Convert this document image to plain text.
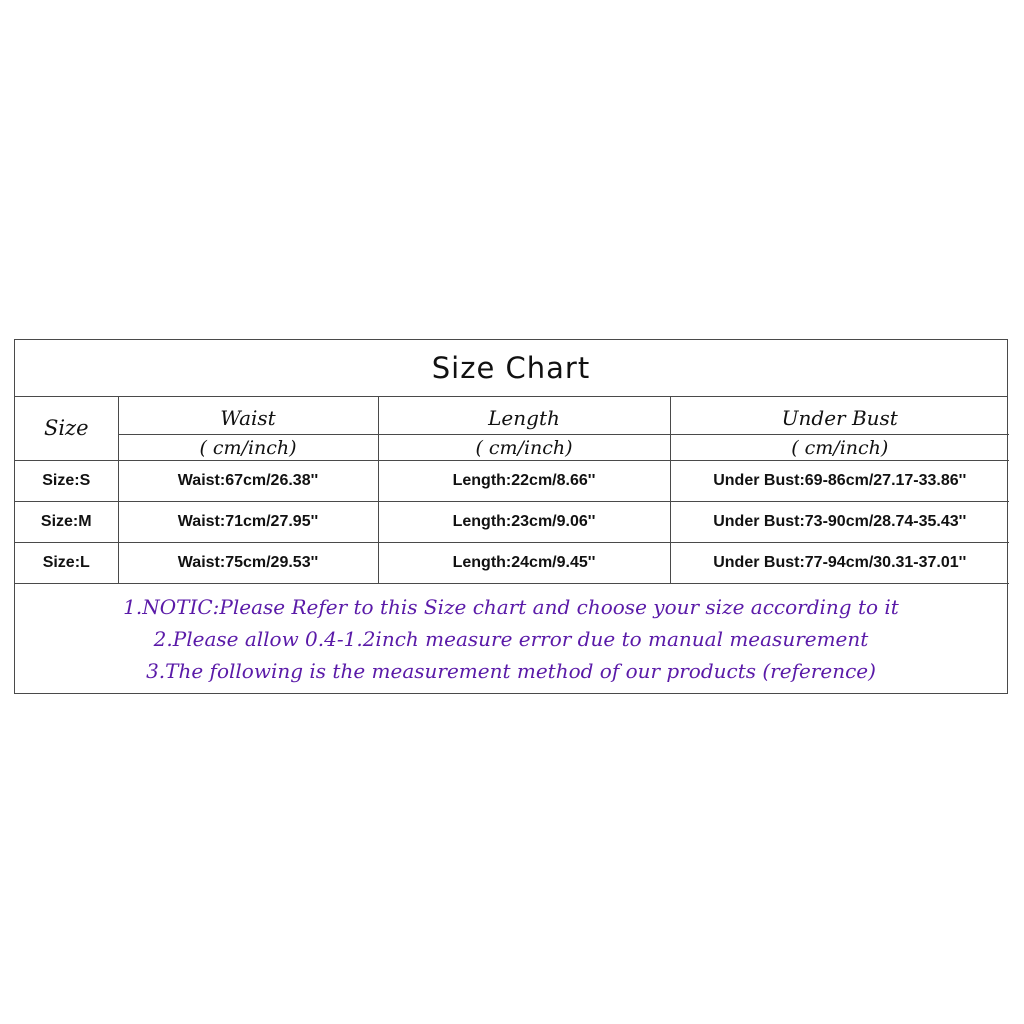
Size Chart
Size	Waist	Length	Under Bust
	( cm/inch)	( cm/inch)	( cm/inch)
Size:S	Waist:67cm/26.38''	Length:22cm/8.66''	Under Bust:69-86cm/27.17-33.86''
Size:M	Waist:71cm/27.95''	Length:23cm/9.06''	Under Bust:73-90cm/28.74-35.43''
Size:L	Waist:75cm/29.53''	Length:24cm/9.45''	Under Bust:77-94cm/30.31-37.01''
1.NOTIC:Please Refer to this Size chart and choose your size according to it
2.Please allow 0.4-1.2inch measure error due to manual measurement
3.The following is the measurement method of our products (reference)
